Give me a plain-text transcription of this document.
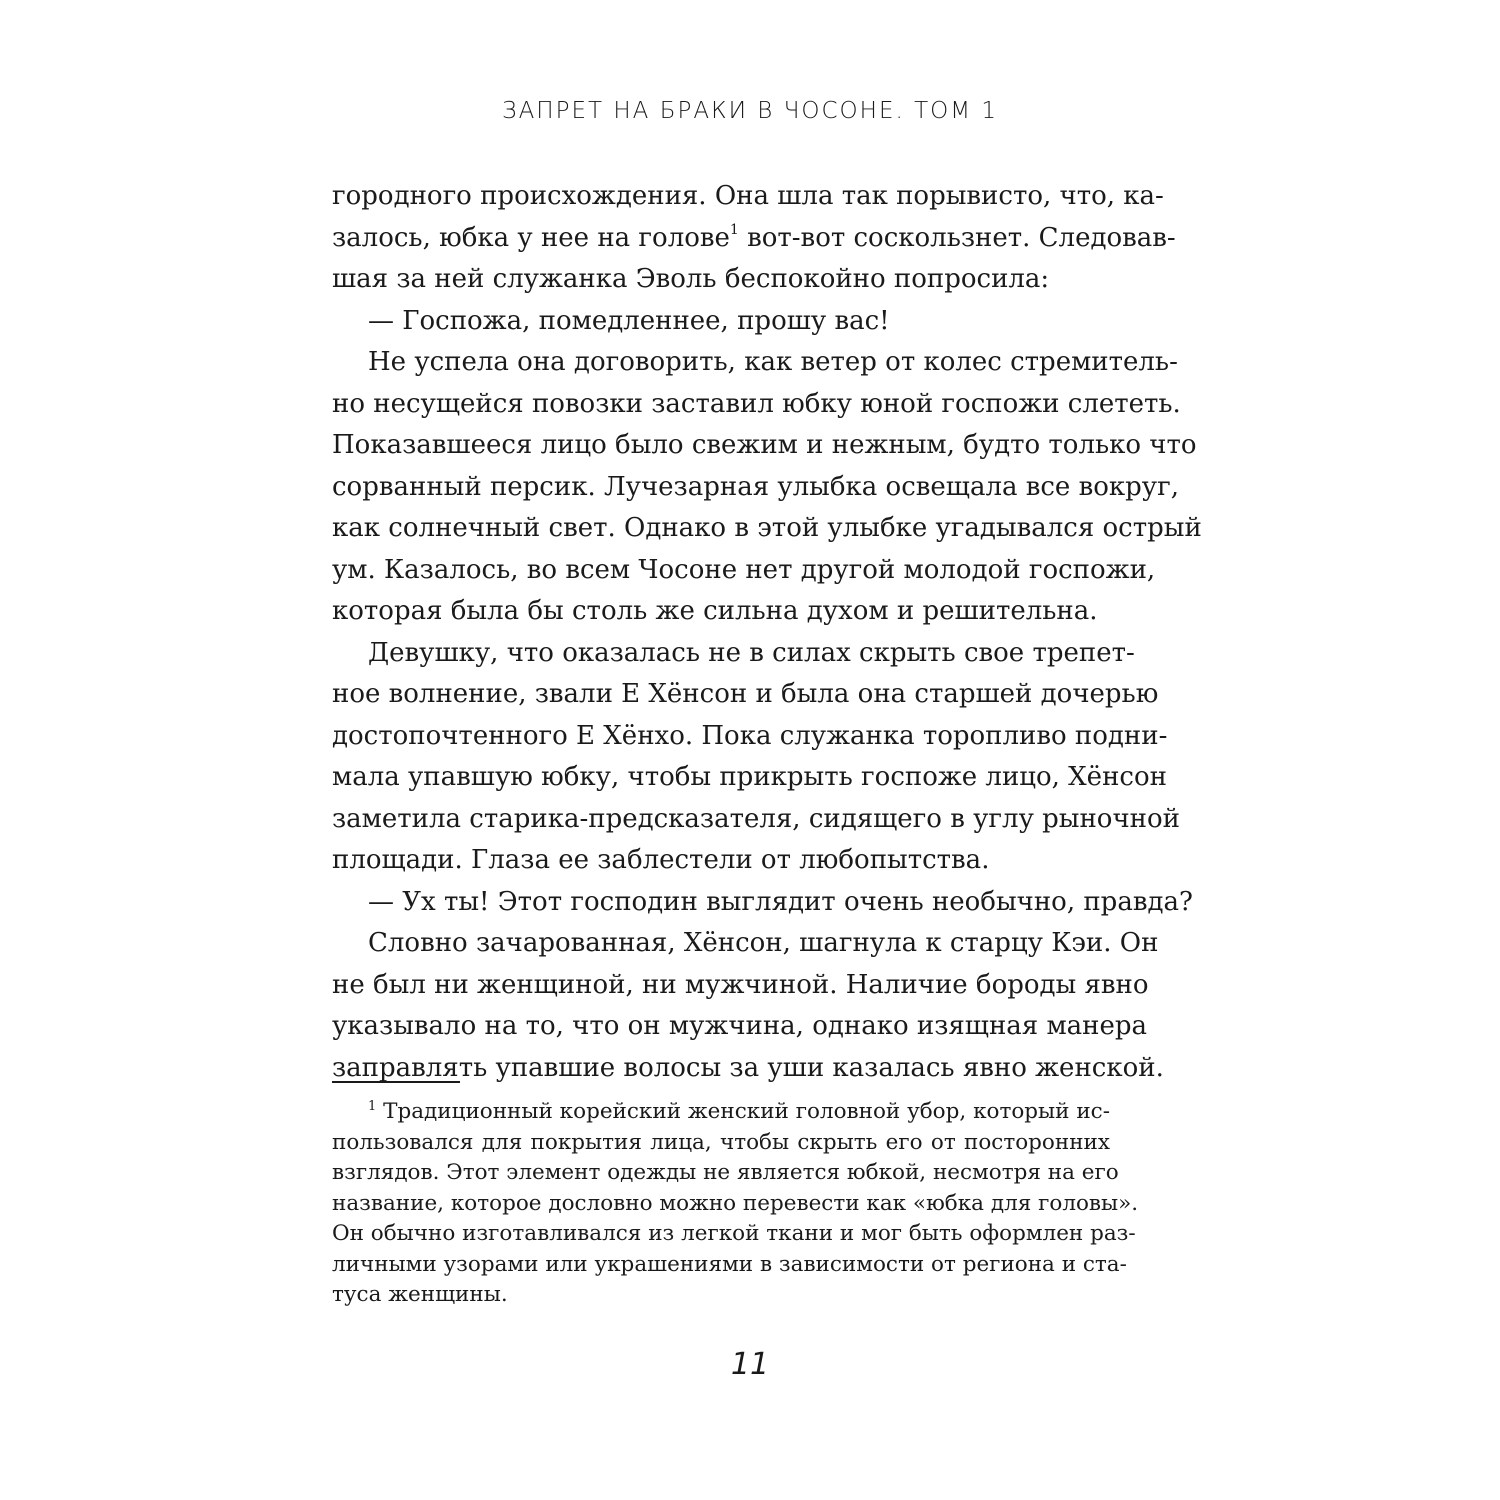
ЗАПРЕТ НА БРАКИ В ЧОСОНЕ. ТОМ 1
городного происхождения. Она шла так порывисто, что, ка-
залось, юбка у нее на голове$^1$ вот-вот соскользнет. Следовав-
шая за ней служанка Эволь беспокойно попросила:
— Госпожа, помедленнее, прошу вас!
Не успела она договорить, как ветер от колес стремитель-
но несущейся повозки заставил юбку юной госпожи слететь.
Показавшееся лицо было свежим и нежным, будто только что
сорванный персик. Лучезарная улыбка освещала все вокруг,
как солнечный свет. Однако в этой улыбке угадывался острый
ум. Казалось, во всем Чосоне нет другой молодой госпожи,
которая была бы столь же сильна духом и решительна.
Девушку, что оказалась не в силах скрыть свое трепет-
ное волнение, звали Е Хёнсон и была она старшей дочерью
достопочтенного Е Хёнхо. Пока служанка торопливо подни-
мала упавшую юбку, чтобы прикрыть госпоже лицо, Хёнсон
заметила старика-предсказателя, сидящего в углу рыночной
площади. Глаза ее заблестели от любопытства.
— Ух ты! Этот господин выглядит очень необычно, правда?
Словно зачарованная, Хёнсон, шагнула к старцу Кэи. Он
не был ни женщиной, ни мужчиной. Наличие бороды явно
указывало на то, что он мужчина, однако изящная манера
заправлять упавшие волосы за уши казалась явно женской.
$^1$ Традиционный корейский женский головной убор, который ис-
пользовался для покрытия лица, чтобы скрыть его от посторонних
взглядов. Этот элемент одежды не является юбкой, несмотря на его
название, которое дословно можно перевести как «юбка для головы».
Он обычно изготавливался из легкой ткани и мог быть оформлен раз-
личными узорами или украшениями в зависимости от региона и ста-
туса женщины.
11
